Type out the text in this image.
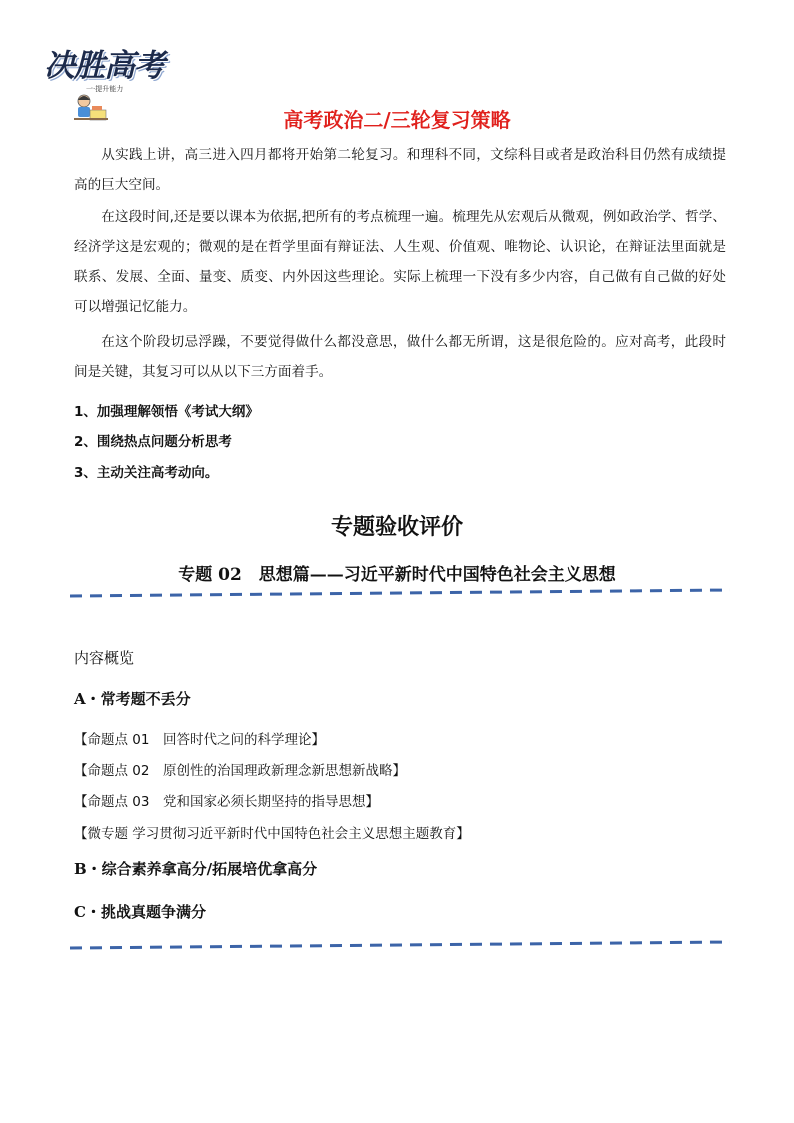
决胜高考
一·提升能力
高考政治二/三轮复习策略

从实践上讲，高三进入四月都将开始第二轮复习。和理科不同，文综科目或者是政治科目仍然有成绩提高的巨大空间。

在这段时间,还是要以课本为依据,把所有的考点梳理一遍。梳理先从宏观后从微观，例如政治学、哲学、经济学这是宏观的；微观的是在哲学里面有辩证法、人生观、价值观、唯物论、认识论，在辩证法里面就是联系、发展、全面、量变、质变、内外因这些理论。实际上梳理一下没有多少内容，自己做有自己做的好处可以增强记忆能力。

在这个阶段切忌浮躁，不要觉得做什么都没意思，做什么都无所谓，这是很危险的。应对高考，此段时间是关键，其复习可以从以下三方面着手。

1、加强理解领悟《考试大纲》

2、围绕热点问题分析思考

3、主动关注高考动向。

专题验收评价
专题 02　思想篇——习近平新时代中国特色社会主义思想

内容概览

A・常考题不丢分

【命题点 01　回答时代之问的科学理论】

【命题点 02　原创性的治国理政新理念新思想新战略】

【命题点 03　党和国家必须长期坚持的指导思想】

【微专题 学习贯彻习近平新时代中国特色社会主义思想主题教育】

B・综合素养拿高分/拓展培优拿高分

C・挑战真题争满分
